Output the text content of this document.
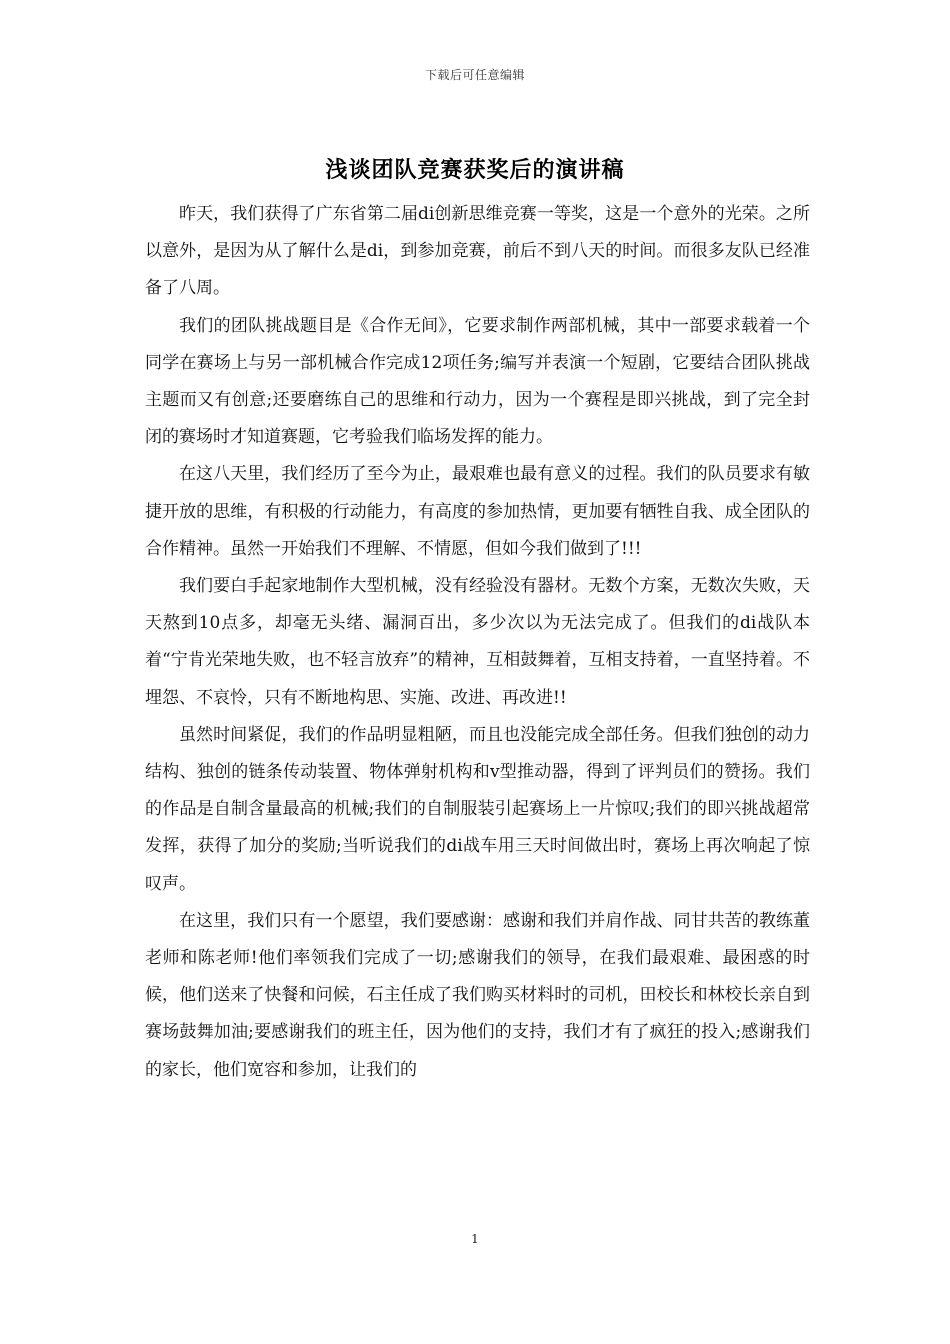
下载后可任意编辑
浅谈团队竞赛获奖后的演讲稿

昨天，我们获得了广东省第二届di创新思维竞赛一等奖，这是一个意外的光荣。之所以意外，是因为从了解什么是di，到参加竞赛，前后不到八天的时间。而很多友队已经准备了八周。

我们的团队挑战题目是《合作无间》，它要求制作两部机械，其中一部要求载着一个同学在赛场上与另一部机械合作完成12项任务;编写并表演一个短剧，它要结合团队挑战主题而又有创意;还要磨练自己的思维和行动力，因为一个赛程是即兴挑战，到了完全封闭的赛场时才知道赛题，它考验我们临场发挥的能力。

在这八天里，我们经历了至今为止，最艰难也最有意义的过程。我们的队员要求有敏捷开放的思维，有积极的行动能力，有高度的参加热情，更加要有牺牲自我、成全团队的合作精神。虽然一开始我们不理解、不情愿，但如今我们做到了!!!

我们要白手起家地制作大型机械，没有经验没有器材。无数个方案，无数次失败，天天熬到10点多，却毫无头绪、漏洞百出，多少次以为无法完成了。但我们的di战队本着“宁肯光荣地失败，也不轻言放弃”的精神，互相鼓舞着，互相支持着，一直坚持着。不埋怨、不哀怜，只有不断地构思、实施、改进、再改进!!

虽然时间紧促，我们的作品明显粗陋，而且也没能完成全部任务。但我们独创的动力结构、独创的链条传动装置、物体弹射机构和v型推动器，得到了评判员们的赞扬。我们的作品是自制含量最高的机械;我们的自制服装引起赛场上一片惊叹;我们的即兴挑战超常发挥，获得了加分的奖励;当听说我们的di战车用三天时间做出时，赛场上再次响起了惊叹声。

在这里，我们只有一个愿望，我们要感谢：感谢和我们并肩作战、同甘共苦的教练董老师和陈老师!他们率领我们完成了一切;感谢我们的领导，在我们最艰难、最困惑的时候，他们送来了快餐和问候，石主任成了我们购买材料时的司机，田校长和林校长亲自到赛场鼓舞加油;要感谢我们的班主任，因为他们的支持，我们才有了疯狂的投入;感谢我们的家长，他们宽容和参加，让我们的

1
